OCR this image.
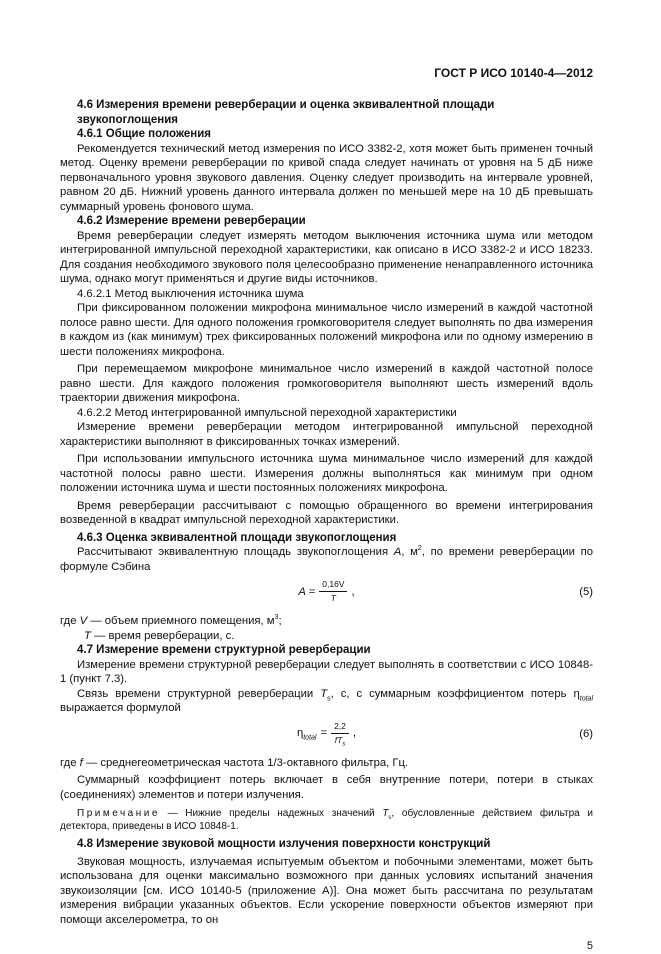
ГОСТ Р ИСО 10140-4—2012
4.6 Измерения времени реверберации и оценка эквивалентной площади звукопоглощения
4.6.1 Общие положения

Рекомендуется технический метод измерения по ИСО 3382-2, хотя может быть применен точный метод. Оценку времени реверберации по кривой спада следует начинать от уровня на 5 дБ ниже первоначального уровня звукового давления. Оценку следует производить на интервале уровней, равном 20 дБ. Нижний уровень данного интервала должен по меньшей мере на 10 дБ превышать суммарный уровень фонового шума.

4.6.2 Измерение времени реверберации

Время реверберации следует измерять методом выключения источника шума или методом интегрированной импульсной переходной характеристики, как описано в ИСО 3382-2 и ИСО 18233. Для создания необходимого звукового поля целесообразно применение ненаправленного источника шума, однако могут применяться и другие виды источников.

4.6.2.1 Метод выключения источника шума

При фиксированном положении микрофона минимальное число измерений в каждой частотной полосе равно шести. Для одного положения громкоговорителя следует выполнять по два измерения в каждом из (как минимум) трех фиксированных положений микрофона или по одному измерению в шести положениях микрофона.

При перемещаемом микрофоне минимальное число измерений в каждой частотной полосе равно шести. Для каждого положения громкоговорителя выполняют шесть измерений вдоль траектории движения микрофона.

4.6.2.2 Метод интегрированной импульсной переходной характеристики

Измерение времени реверберации методом интегрированной импульсной переходной характеристики выполняют в фиксированных точках измерений.

При использовании импульсного источника шума минимальное число измерений для каждой частотной полосы равно шести. Измерения должны выполняться как минимум при одном положении источника шума и шести постоянных положениях микрофона.

Время реверберации рассчитывают с помощью обращенного во времени интегрирования возведенной в квадрат импульсной переходной характеристики.

4.6.3 Оценка эквивалентной площади звукопоглощения

Рассчитывают эквивалентную площадь звукопоглощения A, $м^2$, по времени реверберации по формуле Сэбина

$A = \frac{0,16V}{T}$ ,	(5)

где V — объем приемного помещения, $м^3$;

T — время реверберации, с.

4.7 Измерение времени структурной реверберации

Измерение времени структурной реверберации следует выполнять в соответствии с ИСО 10848-1 (пункт 7.3).

Связь времени структурной реверберации $T_s$, с, с суммарным коэффициентом потерь $\eta_{total}$ выражается формулой

$\eta_{total} = \frac{2,2}{fT_s}$ ,	(6)

где f — среднегеометрическая частота 1/3-октавного фильтра, Гц.

Суммарный коэффициент потерь включает в себя внутренние потери, потери в стыках (соединениях) элементов и потери излучения.

Примечание — Нижние пределы надежных значений $T_s$, обусловленные действием фильтра и детектора, приведены в ИСО 10848-1.

4.8 Измерение звуковой мощности излучения поверхности конструкций

Звуковая мощность, излучаемая испытуемым объектом и побочными элементами, может быть использована для оценки максимально возможного при данных условиях испытаний значения звукоизоляции [см. ИСО 10140-5 (приложение А)]. Она может быть рассчитана по результатам измерения вибрации указанных объектов. Если ускорение поверхности объектов измеряют при помощи акселерометра, то он

5
